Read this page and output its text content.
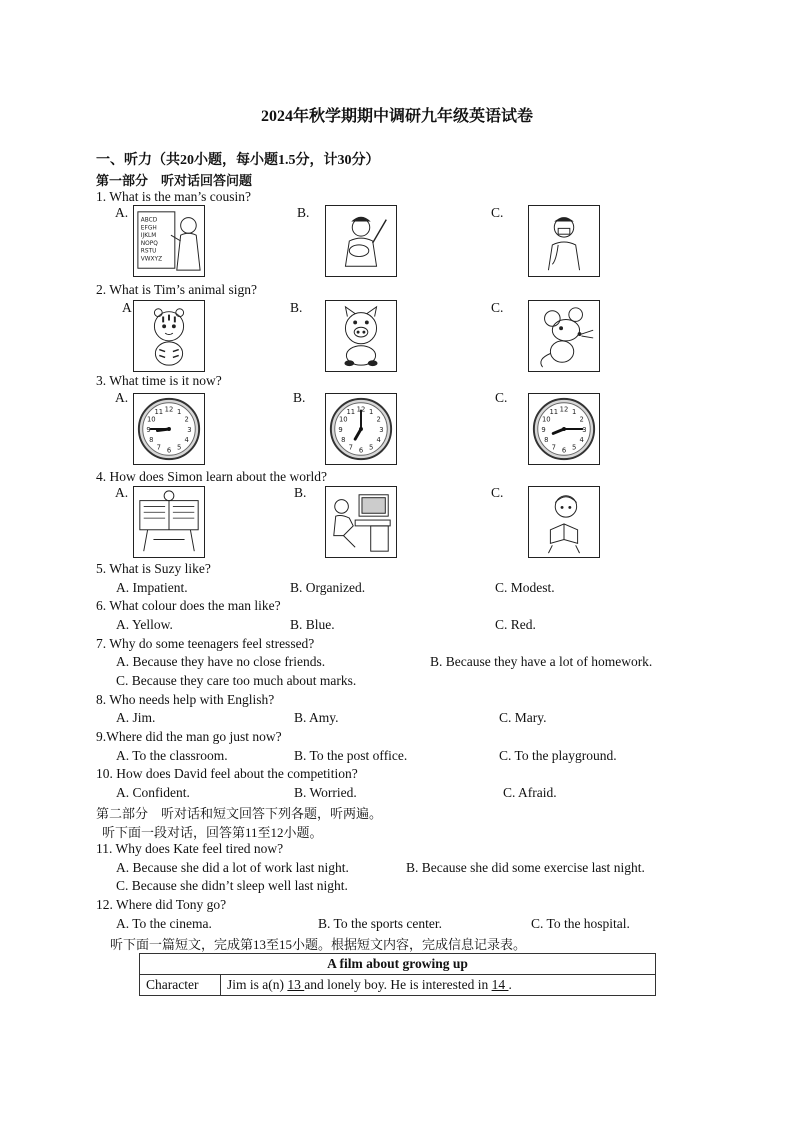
2024年秋学期期中调研九年级英语试卷
一、听力（共20小题，每小题1.5分，计30分）
第一部分　听对话回答问题
1. What is the man’s cousin?
A.	B.	C.
ABCD
EFGH
IJKLM
NOPQ
RSTU
VWXYZ
2. What is Tim’s animal sign?
A	B.	C.
3. What time is it now?
A.	B.	C.
1
2
3
4
5
6
7
8
9
10
11 12	1
2
3
4
5
6
7
8
9
10
11 12	1
2
3
4
5
6
7
8
9
10
11 12
4. How does Simon learn about the world?
A.	B.	C.
5. What is Suzy like?
A. Impatient.	B. Organized.	C. Modest.
6. What colour does the man like?
A. Yellow.	B. Blue.	C. Red.
7. Why do some teenagers feel stressed?
A. Because they have no close friends.	B. Because they have a lot of homework.
C. Because they care too much about marks.
8. Who needs help with English?
A. Jim.	B. Amy.	C. Mary.
9.Where did the man go just now?
A. To the classroom.	B. To the post office.	C. To the playground.
10. How does David feel about the competition?
A. Confident.	B. Worried.	C. Afraid.
第二部分　听对话和短文回答下列各题，听两遍。
听下面一段对话，回答第11至12小题。
11. Why does Kate feel tired now?
A. Because she did a lot of work last night.	B. Because she did some exercise last night.
C. Because she didn’t sleep well last night.
12. Where did Tony go?
A. To the cinema.	B. To the sports center.	C. To the hospital.
听下面一篇短文，完成第13至15小题。根据短文内容，完成信息记录表。
A film about growing up
Character	Jim is a(n) 13 and lonely boy. He is interested in 14 .
